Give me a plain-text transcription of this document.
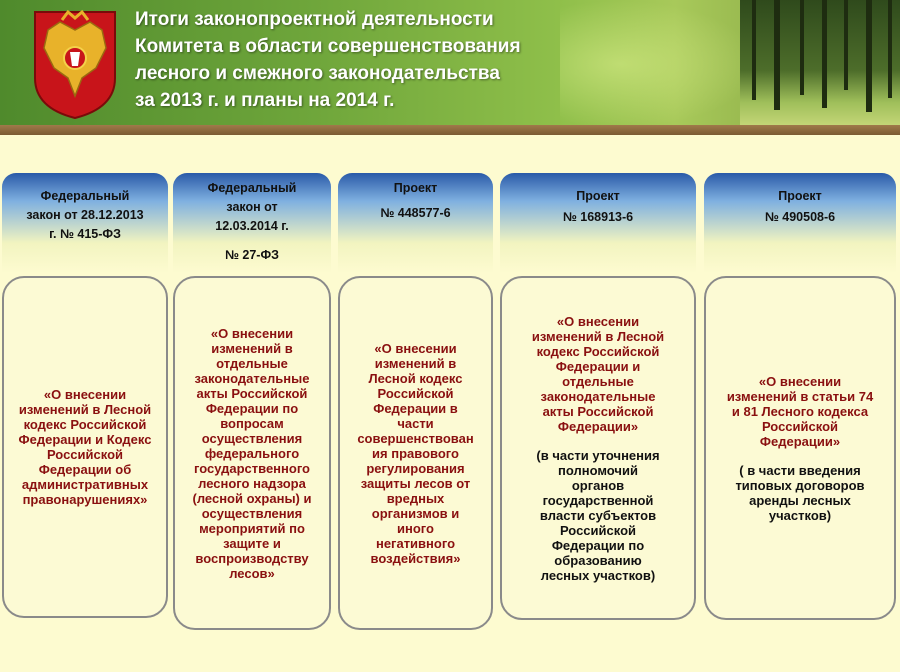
Итоги законопроектной деятельности
Комитета в области совершенствования
лесного и смежного законодательства
за 2013 г. и планы на 2014 г.
Федеральный
закон от 28.12.2013
г. № 415-ФЗ
«О внесении
изменений в Лесной
кодекс Российской
Федерации и Кодекс
Российской
Федерации об
административных
правонарушениях»
Федеральный
закон от
12.03.2014 г.
№ 27-ФЗ
«О внесении
изменений в
отдельные
законодательные
акты Российской
Федерации по
вопросам
осуществления
федерального
государственного
лесного надзора
(лесной охраны) и
осуществления
мероприятий по
защите и
воспроизводству
лесов»
Проект
№ 448577-6
«О внесении
изменений в
Лесной кодекс
Российской
Федерации в
части
совершенствован
ия правового
регулирования
защиты лесов от
вредных
организмов и
иного
негативного
воздействия»
Проект
№ 168913-6
«О внесении
изменений в Лесной
кодекс Российской
Федерации и
отдельные
законодательные
акты Российской
Федерации»
(в части уточнения
полномочий
органов
государственной
власти субъектов
Российской
Федерации по
образованию
лесных участков)
Проект
№ 490508-6
«О внесении
изменений в статьи 74
и 81 Лесного кодекса
Российской
Федерации»
( в части введения
типовых договоров
аренды лесных
участков)
